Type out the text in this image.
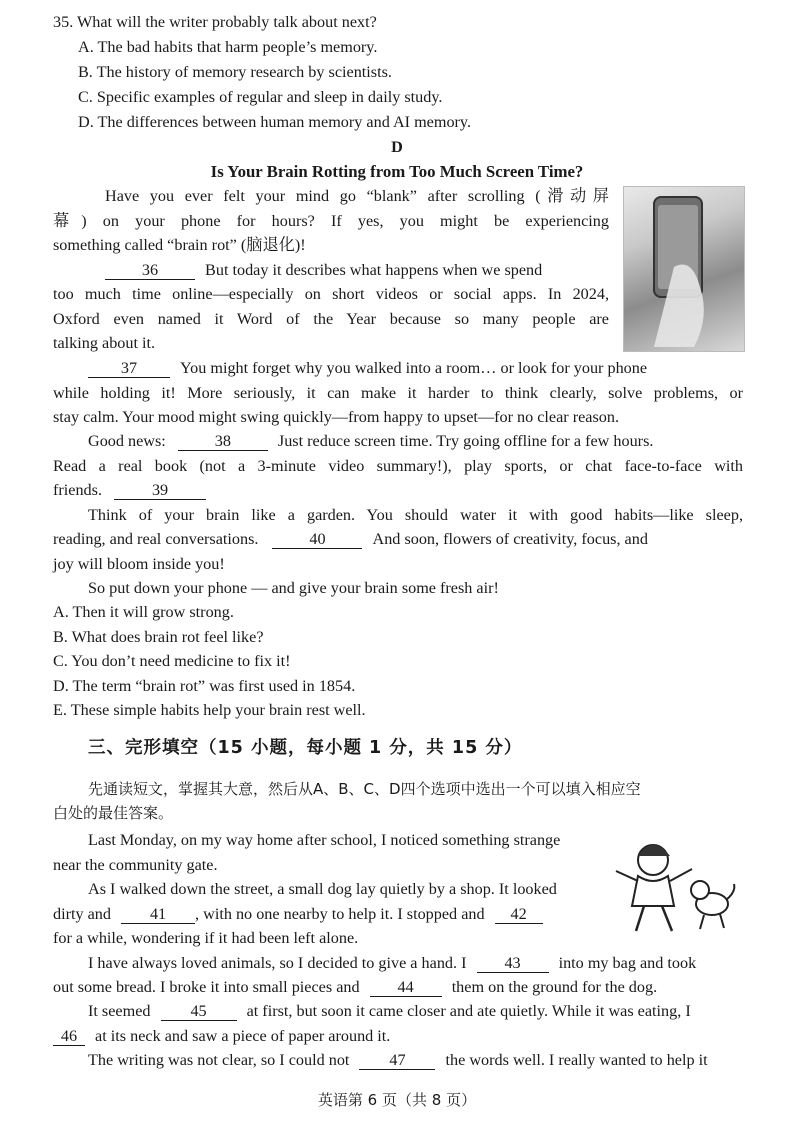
35. What will the writer probably talk about next?
A. The bad habits that harm people’s memory.
B. The history of memory research by scientists.
C. Specific examples of regular and sleep in daily study.
D. The differences between human memory and AI memory.
D
Is Your Brain Rotting from Too Much Screen Time?
Have you ever felt your mind go “blank” after scrolling (滑动屏
幕) on your phone for hours? If yes, you might be experiencing
something called “brain rot” (脑退化)!
36	But today it describes what happens when we spend
too much time online—especially on short videos or social apps. In 2024,
Oxford even named it Word of the Year because so many people are
talking about it.
37	You might forget why you walked into a room… or look for your phone
while holding it! More seriously, it can make it harder to think clearly, solve problems, or
stay calm. Your mood might swing quickly—from happy to upset—for no clear reason.
Good news:	38	Just reduce screen time. Try going offline for a few hours.
Read a real book (not a 3-minute video summary!), play sports, or chat face-to-face with
friends.	39
Think of your brain like a garden. You should water it with good habits—like sleep,
reading, and real conversations.	40	And soon, flowers of creativity, focus, and
joy will bloom inside you!
So put down your phone — and give your brain some fresh air!
A. Then it will grow strong.
B. What does brain rot feel like?
C. You don’t need medicine to fix it!
D. The term “brain rot” was first used in 1854.
E. These simple habits help your brain rest well.
三、完形填空（15 小题，每小题 1 分，共 15 分）
先通读短文，掌握其大意，然后从A、B、C、D四个选项中选出一个可以填入相应空
白处的最佳答案。
Last Monday, on my way home after school, I noticed something strange
near the community gate.
As I walked down the street, a small dog lay quietly by a shop. It looked
dirty and 41 , with no one nearby to help it. I stopped and 42
for a while, wondering if it had been left alone.
I have always loved animals, so I decided to give a hand. I 43 into my bag and took
out some bread. I broke it into small pieces and 44 them on the ground for the dog.
It seemed 45 at first, but soon it came closer and ate quietly. While it was eating, I
46 at its neck and saw a piece of paper around it.
The writing was not clear, so I could not 47 the words well. I really wanted to help it
英语第 6 页（共 8 页）
